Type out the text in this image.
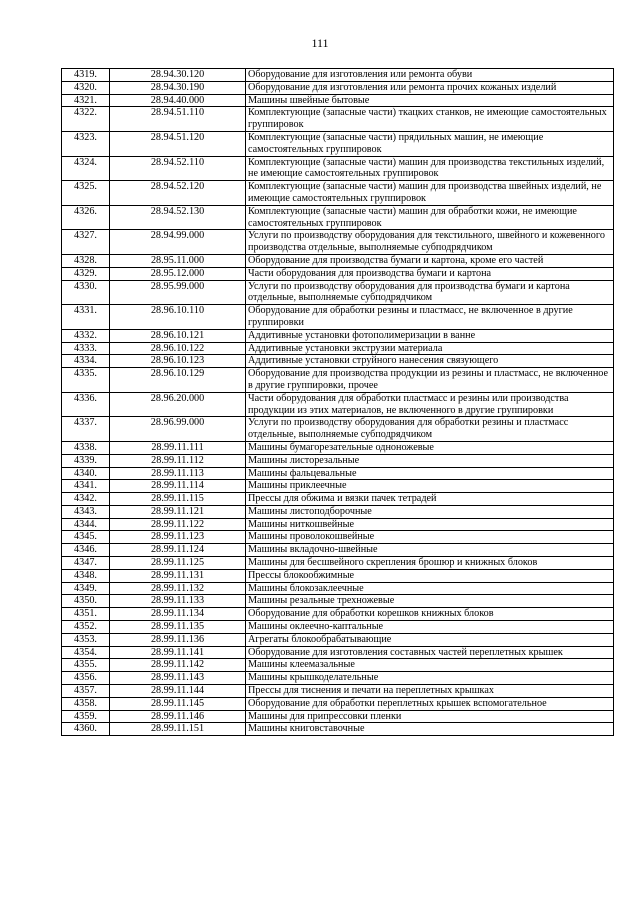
111
4319.	28.94.30.120	Оборудование для изготовления или ремонта обуви
4320.	28.94.30.190	Оборудование для изготовления или ремонта прочих кожаных изделий
4321.	28.94.40.000	Машины швейные бытовые
4322.	28.94.51.110	Комплектующие (запасные части) ткацких станков, не имеющие самостоятельных группировок
4323.	28.94.51.120	Комплектующие (запасные части) прядильных машин, не имеющие самостоятельных группировок
4324.	28.94.52.110	Комплектующие (запасные части) машин для производства текстильных изделий, не имеющие самостоятельных группировок
4325.	28.94.52.120	Комплектующие (запасные части) машин для производства швейных изделий, не имеющие самостоятельных группировок
4326.	28.94.52.130	Комплектующие (запасные части) машин для обработки кожи, не имеющие самостоятельных группировок
4327.	28.94.99.000	Услуги по производству оборудования для текстильного, швейного и кожевенного производства отдельные, выполняемые субподрядчиком
4328.	28.95.11.000	Оборудование для производства бумаги и картона, кроме его частей
4329.	28.95.12.000	Части оборудования для производства бумаги и картона
4330.	28.95.99.000	Услуги по производству оборудования для производства бумаги и картона отдельные, выполняемые субподрядчиком
4331.	28.96.10.110	Оборудование для обработки резины и пластмасс, не включенное в другие группировки
4332.	28.96.10.121	Аддитивные установки фотополимеризации в ванне
4333.	28.96.10.122	Аддитивные установки экструзии материала
4334.	28.96.10.123	Аддитивные установки струйного нанесения связующего
4335.	28.96.10.129	Оборудование для производства продукции из резины и пластмасс, не включенное в другие группировки, прочее
4336.	28.96.20.000	Части оборудования для обработки пластмасс и резины или производства продукции из этих материалов, не включенного в другие группировки
4337.	28.96.99.000	Услуги по производству оборудования для обработки резины и пластмасс отдельные, выполняемые субподрядчиком
4338.	28.99.11.111	Машины бумагорезательные одноножевые
4339.	28.99.11.112	Машины листорезальные
4340.	28.99.11.113	Машины фальцевальные
4341.	28.99.11.114	Машины приклеечные
4342.	28.99.11.115	Прессы для обжима и вязки пачек тетрадей
4343.	28.99.11.121	Машины листоподборочные
4344.	28.99.11.122	Машины ниткошвейные
4345.	28.99.11.123	Машины проволокошвейные
4346.	28.99.11.124	Машины вкладочно-швейные
4347.	28.99.11.125	Машины для бесшвейного скрепления брошюр и книжных блоков
4348.	28.99.11.131	Прессы блокообжимные
4349.	28.99.11.132	Машины блокозаклеечные
4350.	28.99.11.133	Машины резальные трехножевые
4351.	28.99.11.134	Оборудование для обработки корешков книжных блоков
4352.	28.99.11.135	Машины оклеечно-каптальные
4353.	28.99.11.136	Агрегаты блокообрабатывающие
4354.	28.99.11.141	Оборудование для изготовления составных частей переплетных крышек
4355.	28.99.11.142	Машины клеемазальные
4356.	28.99.11.143	Машины крышкоделательные
4357.	28.99.11.144	Прессы для тиснения и печати на переплетных крышках
4358.	28.99.11.145	Оборудование для обработки переплетных крышек вспомогательное
4359.	28.99.11.146	Машины для припрессовки пленки
4360.	28.99.11.151	Машины книговставочные
